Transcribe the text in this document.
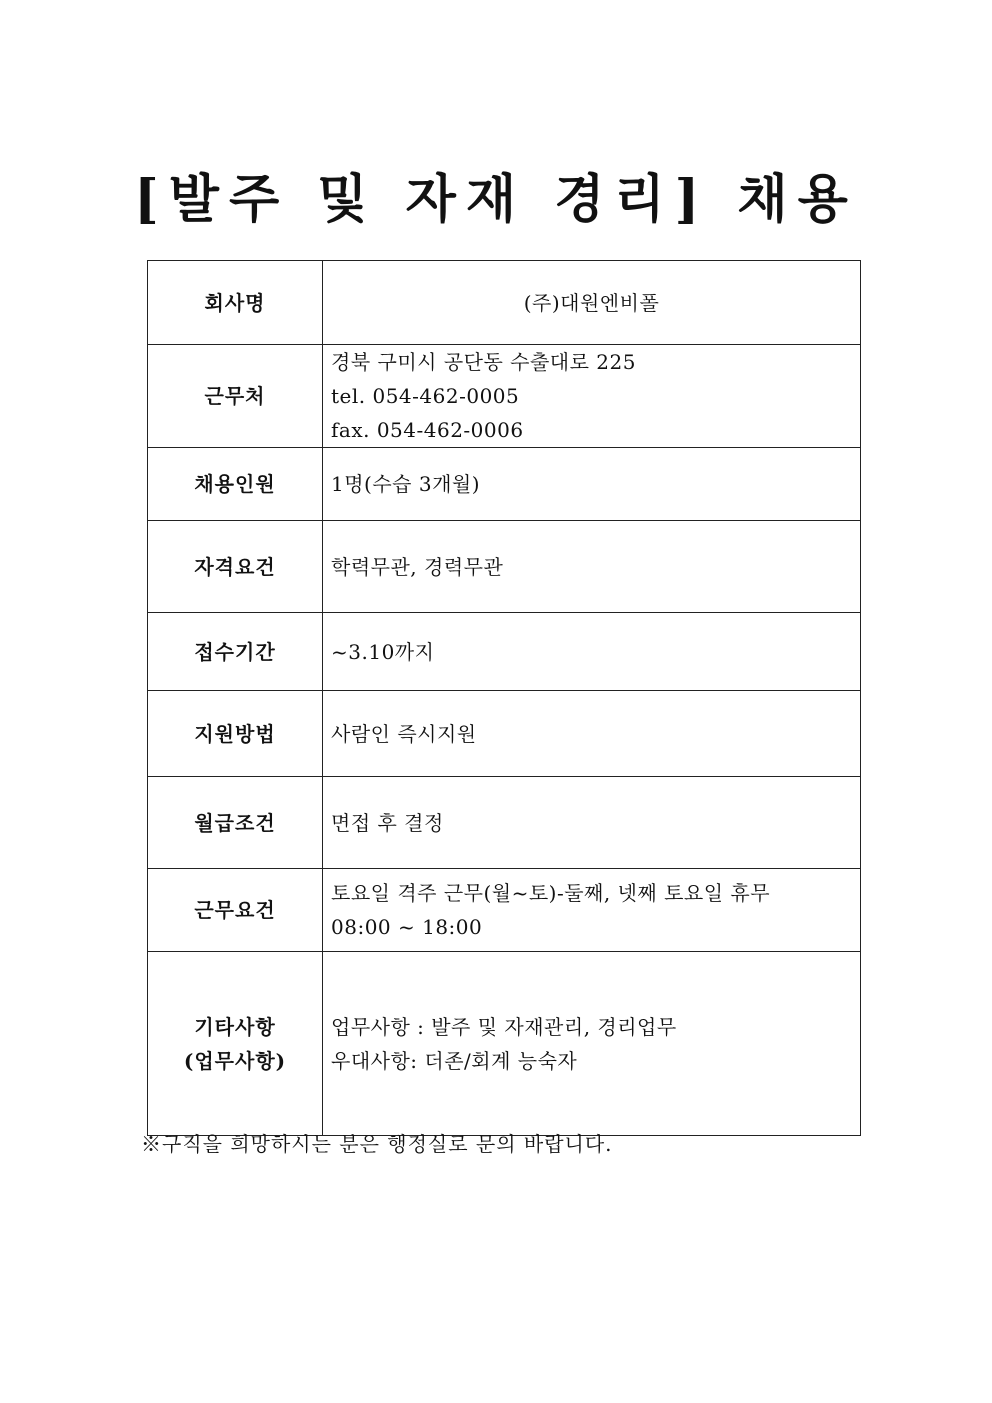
[발주 및 자재 경리] 채용
회사명	(주)대원엔비폴

근무처	경북 구미시 공단동 수출대로 225
tel. 054-462-0005
fax. 054-462-0006

채용인원	1명(수습 3개월)

자격요건	학력무관, 경력무관

접수기간	~3.10까지

지원방법	사람인 즉시지원

월급조건	면접 후 결정

근무요건	토요일 격주 근무(월~토)-둘째, 넷째 토요일 휴무
08:00 ~ 18:00

기타사항
(업무사항)	업무사항 : 발주 및 자재관리, 경리업무
우대사항: 더존/회계 능숙자
※구직을 희망하시는 분은 행정실로 문의 바랍니다.
